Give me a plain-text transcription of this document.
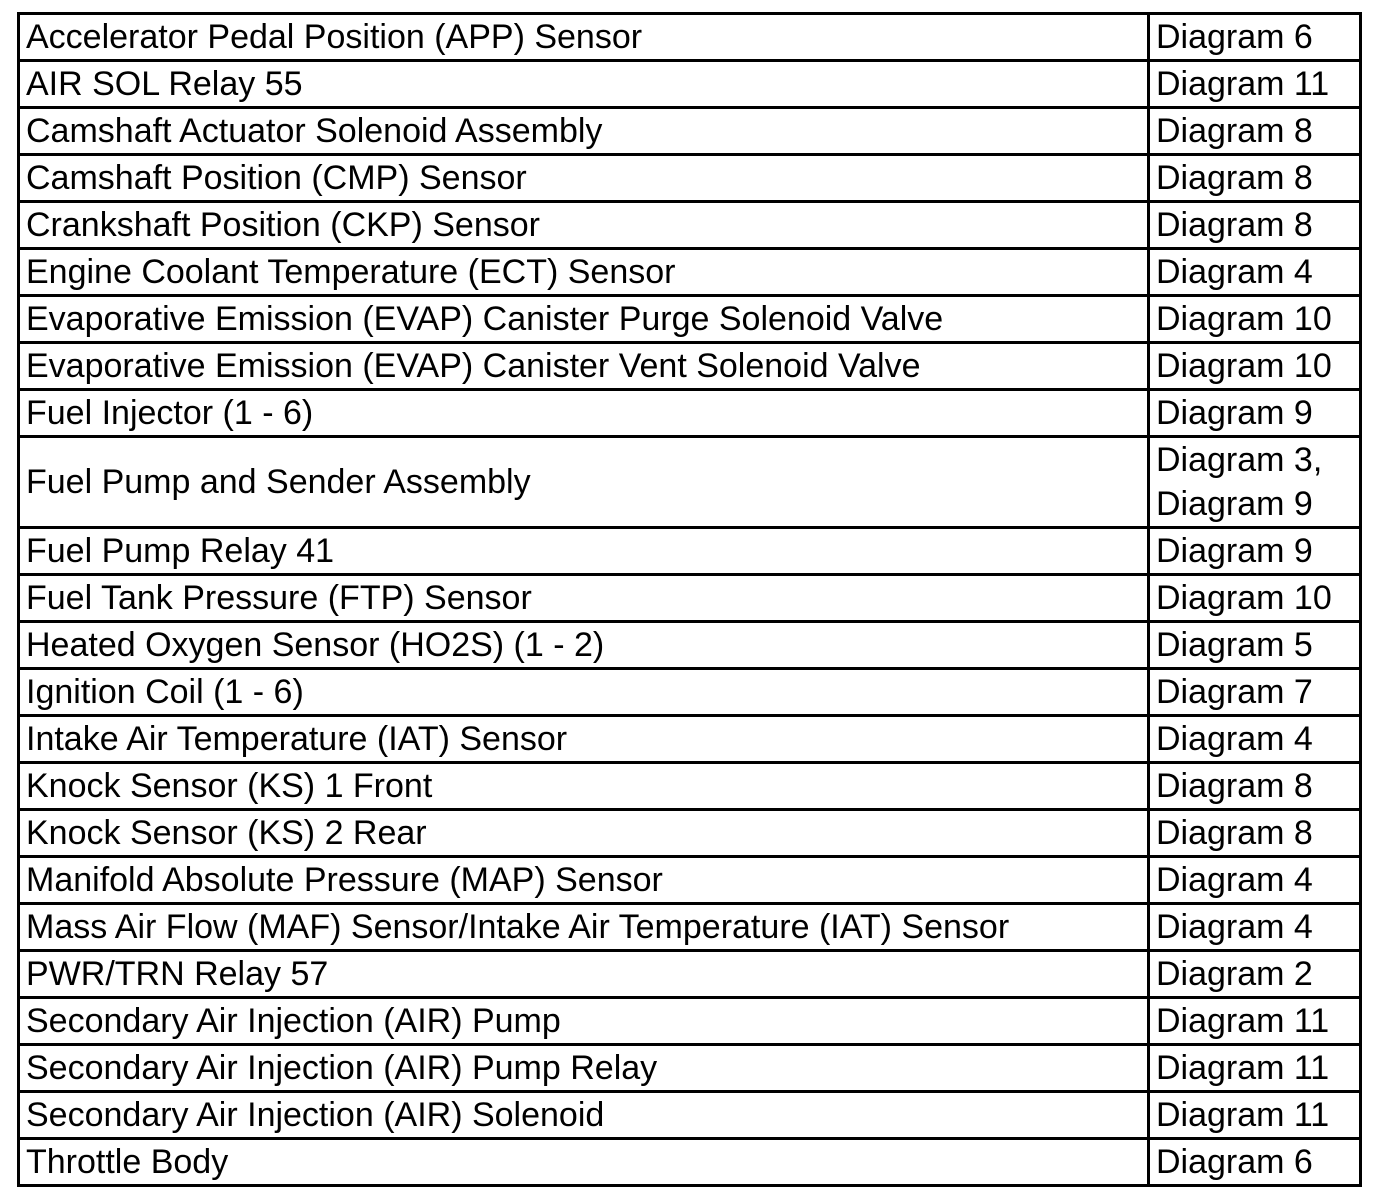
Accelerator Pedal Position (APP) Sensor	Diagram 6

AIR SOL Relay 55	Diagram 11

Camshaft Actuator Solenoid Assembly	Diagram 8

Camshaft Position (CMP) Sensor	Diagram 8

Crankshaft Position (CKP) Sensor	Diagram 8

Engine Coolant Temperature (ECT) Sensor	Diagram 4

Evaporative Emission (EVAP) Canister Purge Solenoid Valve	Diagram 10

Evaporative Emission (EVAP) Canister Vent Solenoid Valve	Diagram 10

Fuel Injector (1 - 6)	Diagram 9

Fuel Pump and Sender Assembly	Diagram 3,
Diagram 9

Fuel Pump Relay 41	Diagram 9

Fuel Tank Pressure (FTP) Sensor	Diagram 10

Heated Oxygen Sensor (HO2S) (1 - 2)	Diagram 5

Ignition Coil (1 - 6)	Diagram 7

Intake Air Temperature (IAT) Sensor	Diagram 4

Knock Sensor (KS) 1 Front	Diagram 8

Knock Sensor (KS) 2 Rear	Diagram 8

Manifold Absolute Pressure (MAP) Sensor	Diagram 4

Mass Air Flow (MAF) Sensor/Intake Air Temperature (IAT) Sensor	Diagram 4

PWR/TRN Relay 57	Diagram 2

Secondary Air Injection (AIR) Pump	Diagram 11

Secondary Air Injection (AIR) Pump Relay	Diagram 11

Secondary Air Injection (AIR) Solenoid	Diagram 11

Throttle Body	Diagram 6
